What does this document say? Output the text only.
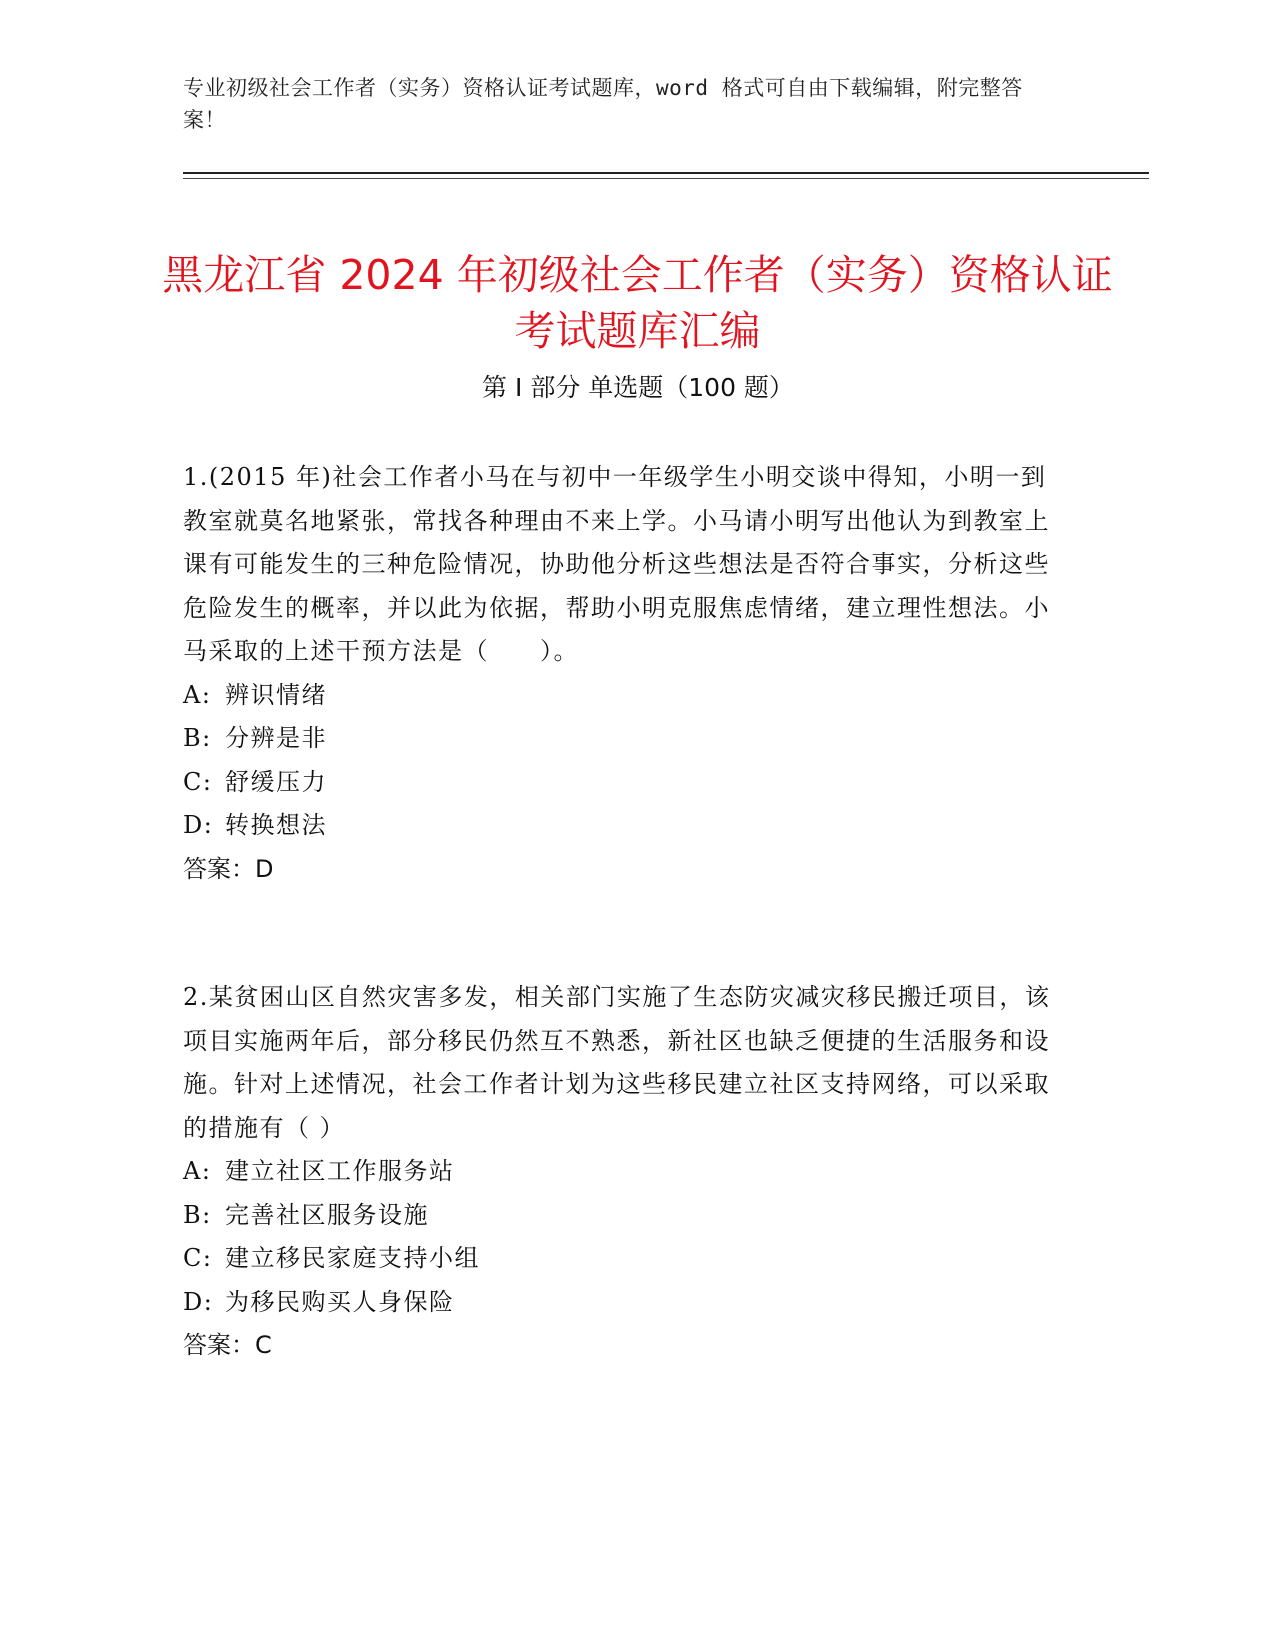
专业初级社会工作者（实务）资格认证考试题库，word 格式可自由下载编辑，附完整答案！
黑龙江省 2024 年初级社会工作者（实务）资格认证考试题库汇编
第 I 部分 单选题（100 题）

1.(2015 年)社会工作者小马在与初中一年级学生小明交谈中得知，小明一到教室就莫名地紧张，常找各种理由不来上学。小马请小明写出他认为到教室上课有可能发生的三种危险情况，协助他分析这些想法是否符合事实，分析这些危险发生的概率，并以此为依据，帮助小明克服焦虑情绪，建立理性想法。小马采取的上述干预方法是（　　）。

A: 辨识情绪

B: 分辨是非

C: 舒缓压力

D: 转换想法

答案：D

2.某贫困山区自然灾害多发，相关部门实施了生态防灾减灾移民搬迁项目，该项目实施两年后，部分移民仍然互不熟悉，新社区也缺乏便捷的生活服务和设施。针对上述情况，社会工作者计划为这些移民建立社区支持网络，可以采取的措施有（ ）

A: 建立社区工作服务站

B: 完善社区服务设施

C: 建立移民家庭支持小组

D: 为移民购买人身保险

答案：C
